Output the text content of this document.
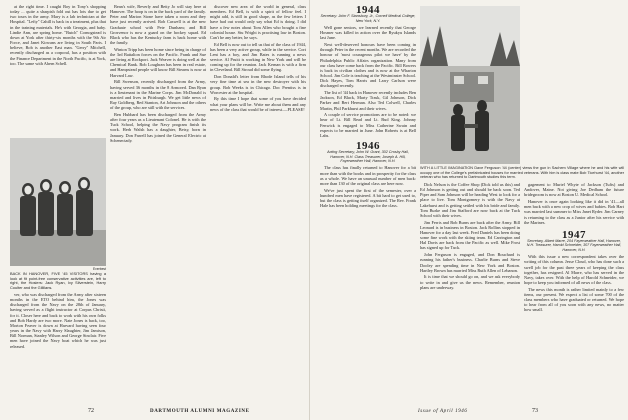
at the right time. I caught Boy in Tony's shopping today ... quite a sharpish fold out has lots due to get two tours in the army. Mary is a lab technician at the Hospital. "Lefty" Cahill is back in a treatment, plus that in the training materials. He's with Georgia, and baby. Lindie Ann, are spring home. "Butch" Cornogstead is down at York after thirty-six months with the 9th Air Force, and Janet Kirwans are living in South Paris. I believe, Bob is another East man. "Gerry" Mitchell, recently discharged as a corporal, has a position with the Finance Department in the North Pacific, is at York, too. The same with Ahern Schell.

Everbest
BACK IN HANOVER, FIVE '45 VISITORS having a look at fit point-free conservative activities are, left to right, the Hosiers: Jack Ryan, Ivy Silverstein, Harry Coulter and the Gillilans.

ver, who was discharged from the Army after sixteen months in the ETO behind him, the Jones was discharged from the Navy on the 28th of January, having served as a flight instructor at Corpus Christi, for it. Closer here and back to work with his own folks and Bob Hardy are two more. Nate Jones is back, too, Morton Feaver is down at Harvard having seen four years in the Navy with Harry Slaughter, Jim Jamison, Bill Norman, Stanley Wilson and George Sinclair. Five men have joined the Navy boat which he was just released.

Bean's wife, Beverly and Betty Jo will stay here at Hanover. The hoop is on in the back yard of the family. Peter and Marion Stone have taken a room and they have just recently arrived. Rob Caswell is at the new Graduate school with Pete Dunham; and Bill Grosvenor is now a guard on the hockey squad. Ed Black who has the Kentucky farm is back home with the family.

Winton Tripp has been home since being in charge of the 3rd Battalion forces on the Pacific. Frank and Sue are living at Rockport. Jack Weaver is doing well at the Chemical Bank. Bob Loughran has been in real estate, and Hampstead people will know Bill Stearns is now at Harvard Law.

Bill Swenson, recently discharged from the Army, having served 36 months in the 8 Armored. Dan Ryan is a lieutenant in the Marine Corps. Jim McDonald is married and lives in Pittsburgh. We get little news of Ray Goldberg, Red Stanton, Art Johnson and the others of the group, who are still with the services.

Ben Hubbard has been discharged from the Army after four years as a Lieutenant Colonel. He is with the Tuck School, helping the Navy program finish its work. Herb Walsh has a daughter, Betsy, born in January. Don Farrell has joined the General Electric at Schenectady.

discover new area of the world in general, class members. Ed Bell, is with a spirit of fellow feel. I might add, is still in good shape, as the few letters I have had out would only say what Ed is doing. I did have a few notes about Tom Allen who bought a fine colonial house. Stu Wright is practising law in Boston. Can't be any better, he says.

Ed Bell is now out to tell us that of the class of 1944, has been a very active group, while in the service. Cort Lent has a boy, and Jim Bates is running a news service. Al Pruitt is working in New York and will be coming up for the reunion. Jack Kernan is with a firm in Cleveland. Bill Stroud did some flying.

Don Donald's letter from Rhode Island tells of his very fine time at sea in the new destroyer with his group. Bob Weeks is in Chicago. Doc Prentiss is in Worcester at the hospital.

By this time I hope that some of you have decided what your plans will be. Write me about them and any news of the class that would be of interest.—PLEASE!

72	DARTMOUTH ALUMNI MAGAZINE
1944
Secretary: John F. Stansbury, Jr., Cornell Medical College, New York, N.Y.

Well gone seniors, we learned recently that George Hosmer was killed in action over the Ryukyu Islands last June.

Next well-deserved honours have been coming in through Peter in the recent months. We are recorded the honour of 'most courageous pilot we have' by the Philadelphia Public Affairs organization. Many from our class have come back from the Pacific. Bill Bowers is back in civilian clothes and is now at the Wharton School. Jim Cole is teaching at the Westminster School. Dick Hayes, Tom Harris and Larry Carlson were discharged recently.

The list of '44 back in Hanover recently includes Ben Jackson, Ed Black, Marty Trask, Gil Johnson, Dick Parker and Bert Herman. Also Ted Colwell, Charles Martin, Phil Parkhurst and their wives.

A couple of service promotions are to be noted: we hear of Lt. Bill Read and Lt. Bud King. Johnny Fenwick is engaged to Miss Catherine Swain and expects to be married in June. John Roberts is at Bell Labs.

1946
Acting Secretary, John W. Grant, 302 Crosby Hall, Hanover, N.H. Class Treasurer, Joseph A. Hill, Fayerweather Hall, Hanover, N.H.

The class has finally returned to Hanover for a bit more than with the books and in prosperity for the class as a whole. We have an unusual number of men back: more than 130 of the original class are here now.

We've just spent the first of the semester, over a hundred men have registered. A bit hard to get used to, but the class is getting itself organized. The Rev. Frank Hale has been holding meetings for the class.

WITH A LITTLE IMAGINATION Dave Ferguson '44 (center) views the gun in Sachem Village where he and his wife will occupy one of the College's prefabricated houses for married veterans. With him is class mate Bob Ticehurst '44, another veteran who has returned to Dartmouth studies this term.

Dick Nelson is the Coffee Shop (Dick told us this) and Ed Johnson is getting out and should be back soon. Ted Piper and Sam Johnson will be heading West to look for a place to live. Tom Montgomery is with the Navy at Lakehurst and is getting settled with his bride and family. Tom Burke and Jim Stafford are now back at the Tuck School with their wives.

Jim Ferris and Bob Burns are back after the Army. Bill Leonard is in business in Boston. Jack Rollins stopped in Hanover for a day last week. Fred Daniels has been doing some fine work with the skiing team. Ed Carrington and Hal Davis are back from the Pacific as well. Mike Frost has signed up for Tuck.

John Ferguson is engaged, and Don Bouchard is running his father's business. Charlie Burns and Steve Dooley are spending time in New York and Boston. Hartley Brown has married Miss Ruth Allen of Lebanon.

It is time that we should go on, and we ask everybody to write in and give us the news. Remember, reunion plans are underway.

gagement to Muriel Whyte of Jackson (Tufts) and Andover, Maine. Not giving Joe Dedham the future bridegroom is now at Boston U. Medical School.

Hanover is once again looking like it did in '41—all men back with a new crop of wives and babies. Bob Hart was married last summer to Miss Janet Ryder. Jim Carney is returning to the class as a Junior after his service with the Marines.

1947
Secretary, Albert Marre, 204 Fayerweather Hall, Hanover, N.H. Treasurer, Harold Schneider, 307 Fayerweather Hall, Hanover, N.H.

With this issue a new correspondent takes over the writing of this column. Jesse Cloud, who has done such a swell job for the past three years of keeping the class together, has resigned. Al Marre, who has served in the Navy, takes over. With the help of Harold Schneider, we hope to keep you informed of all news of the class.

The news this month is rather limited mainly to a few items, our present. We expect a list of some 700 of the class members who have graduated or returned. We hope to hear from all of you soon with any news, no matter how small.

Issue of April 1946	73
